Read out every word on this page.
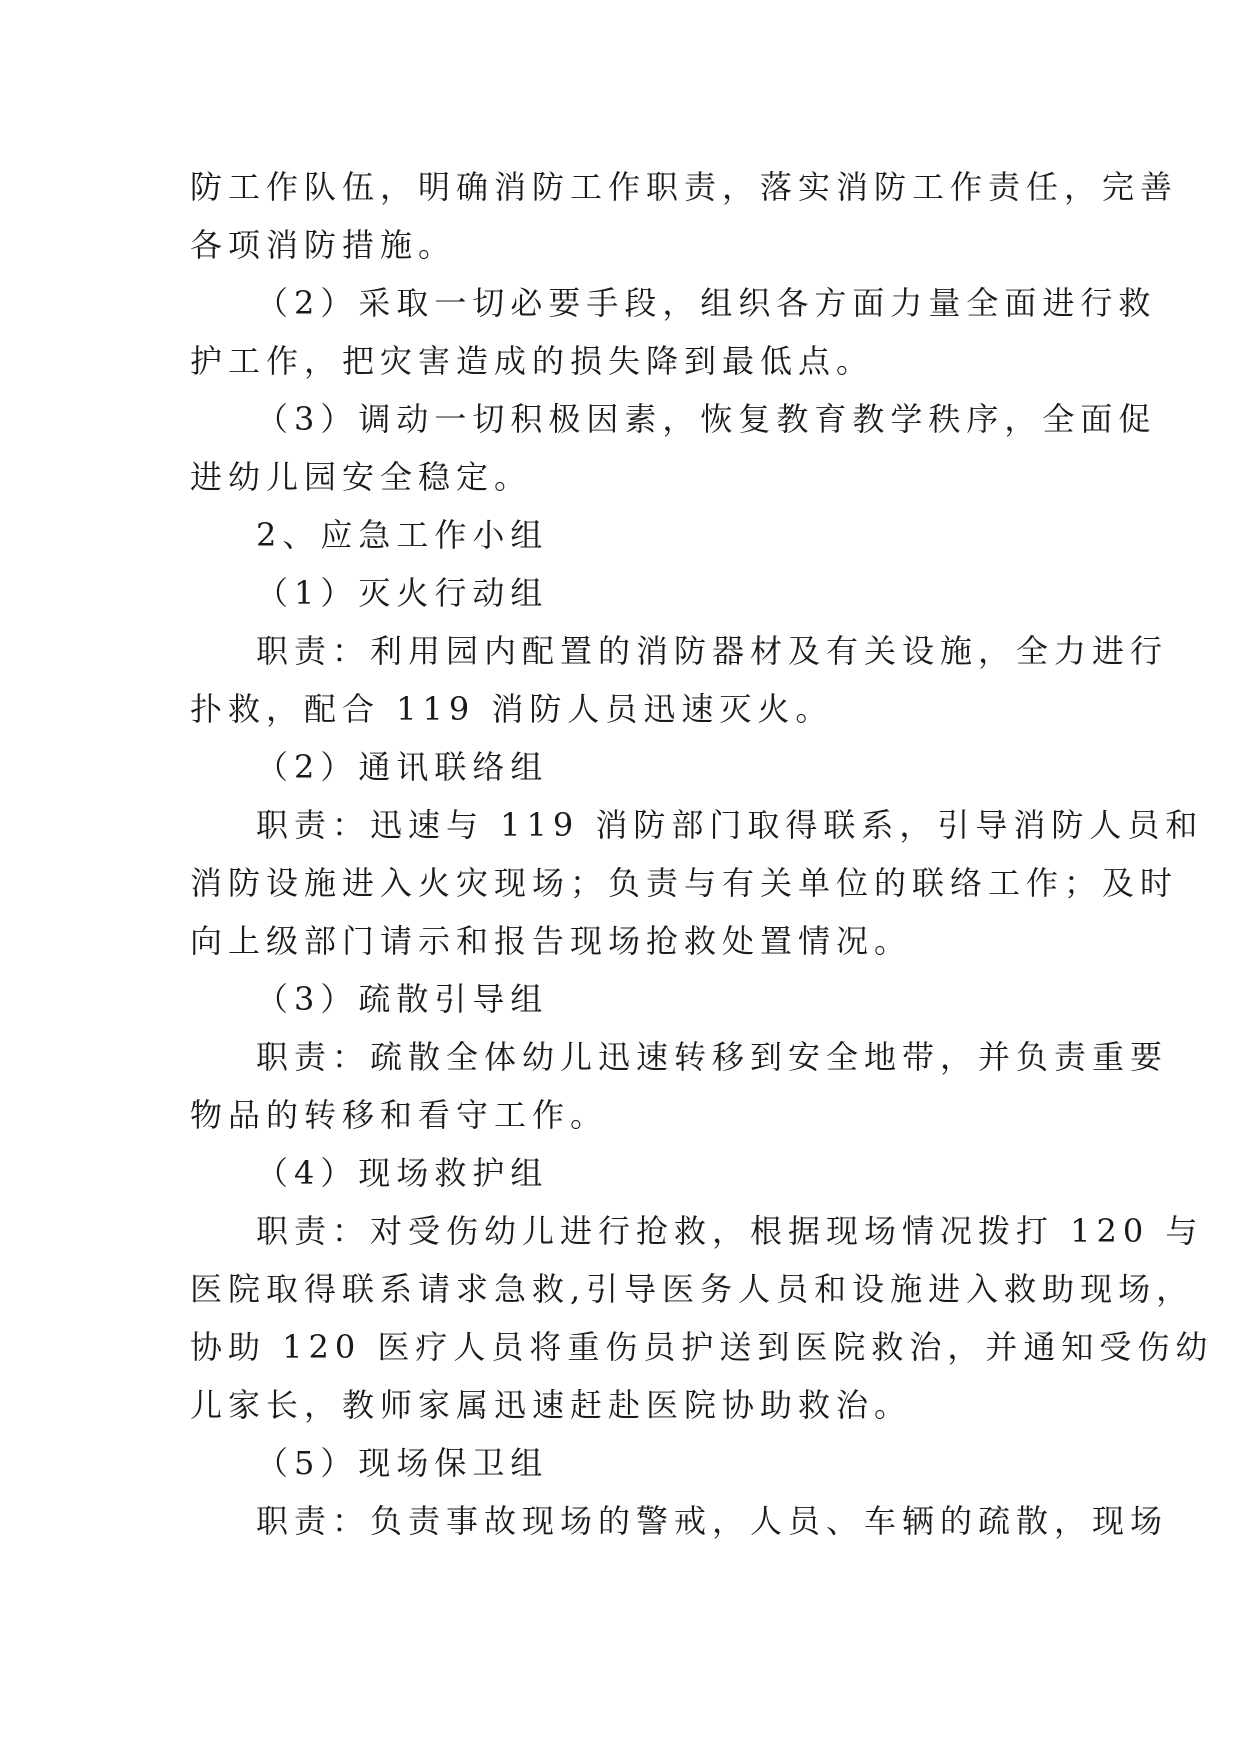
防工作队伍，明确消防工作职责，落实消防工作责任，完善
各项消防措施。
（2）采取一切必要手段，组织各方面力量全面进行救
护工作，把灾害造成的损失降到最低点。
（3）调动一切积极因素，恢复教育教学秩序，全面促
进幼儿园安全稳定。
2、应急工作小组
（1）灭火行动组
职责：利用园内配置的消防器材及有关设施，全力进行
扑救，配合 119 消防人员迅速灭火。
（2）通讯联络组
职责：迅速与 119 消防部门取得联系，引导消防人员和
消防设施进入火灾现场；负责与有关单位的联络工作；及时
向上级部门请示和报告现场抢救处置情况。
（3）疏散引导组
职责：疏散全体幼儿迅速转移到安全地带，并负责重要
物品的转移和看守工作。
（4）现场救护组
职责：对受伤幼儿进行抢救，根据现场情况拨打 120 与
医院取得联系请求急救,引导医务人员和设施进入救助现场，
协助 120 医疗人员将重伤员护送到医院救治，并通知受伤幼
儿家长，教师家属迅速赶赴医院协助救治。
（5）现场保卫组
职责：负责事故现场的警戒，人员、车辆的疏散，现场
